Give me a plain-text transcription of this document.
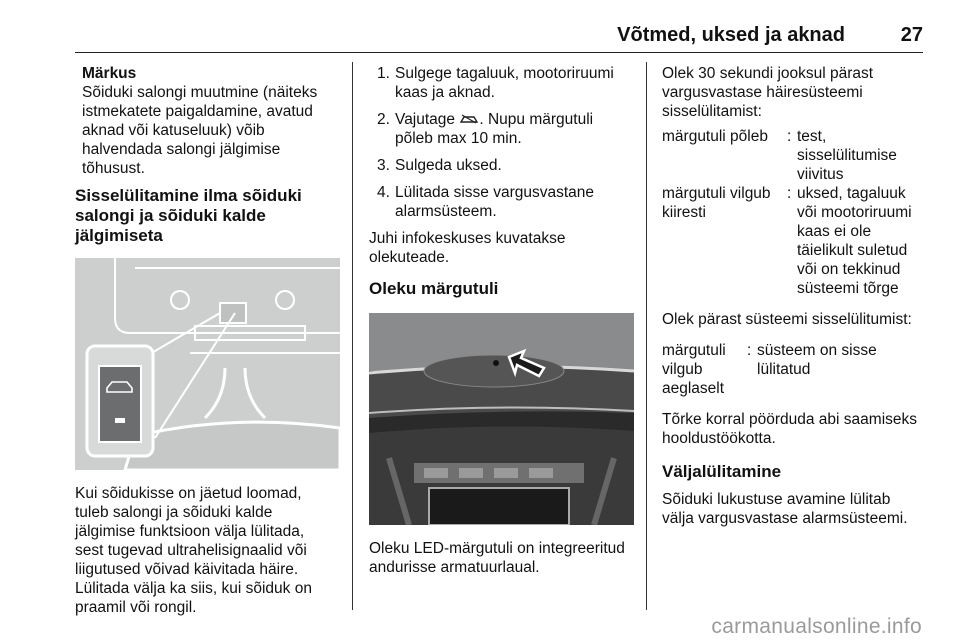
Võtmed, uksed ja aknad	27

Märkus

Sõiduki salongi muutmine (näiteks

istmekatete paigaldamine, avatud

aknad või katuseluuk) võib

halvendada salongi jälgimise

tõhusust.

Sisselülitamine ilma sõiduki
salongi ja sõiduki kalde
jälgimiseta

Kui sõidukisse on jäetud loomad,

tuleb salongi ja sõiduki kalde

jälgimise funktsioon välja lülitada,

sest tugevad ultrahelisignaalid või

liigutused võivad käivitada häire.

Lülitada välja ka siis, kui sõiduk on

praamil või rongil.

1. Sulgege tagaluuk, mootoriruumi
kaas ja aknad.
2. Vajutage . Nupu märgutuli
põleb max 10 min.
3. Sulgeda uksed.
4. Lülitada sisse vargusvastane
alarmsüsteem.

Juhi infokeskuses kuvatakse

olekuteade.

Oleku märgutuli

Oleku LED-märgutuli on integreeritud

andurisse armatuurlaual.

Olek 30 sekundi jooksul pärast

vargusvastase häiresüsteemi

sisselülitamist:

märgutuli põleb	: test,
sisselülitumise
viivitus
märgutuli vilgub
kiiresti
: uksed, tagaluuk
või mootoriruumi
kaas ei ole
täielikult suletud
või on tekkinud
süsteemi tõrge

Olek pärast süsteemi sisselülitumist:

märgutuli
vilgub
aeglaselt
: süsteem on sisse
lülitatud

Tõrke korral pöörduda abi saamiseks

hooldustöökotta.

Väljalülitamine

Sõiduki lukustuse avamine lülitab

välja vargusvastase alarmsüsteemi.

carmanualsonline.info
